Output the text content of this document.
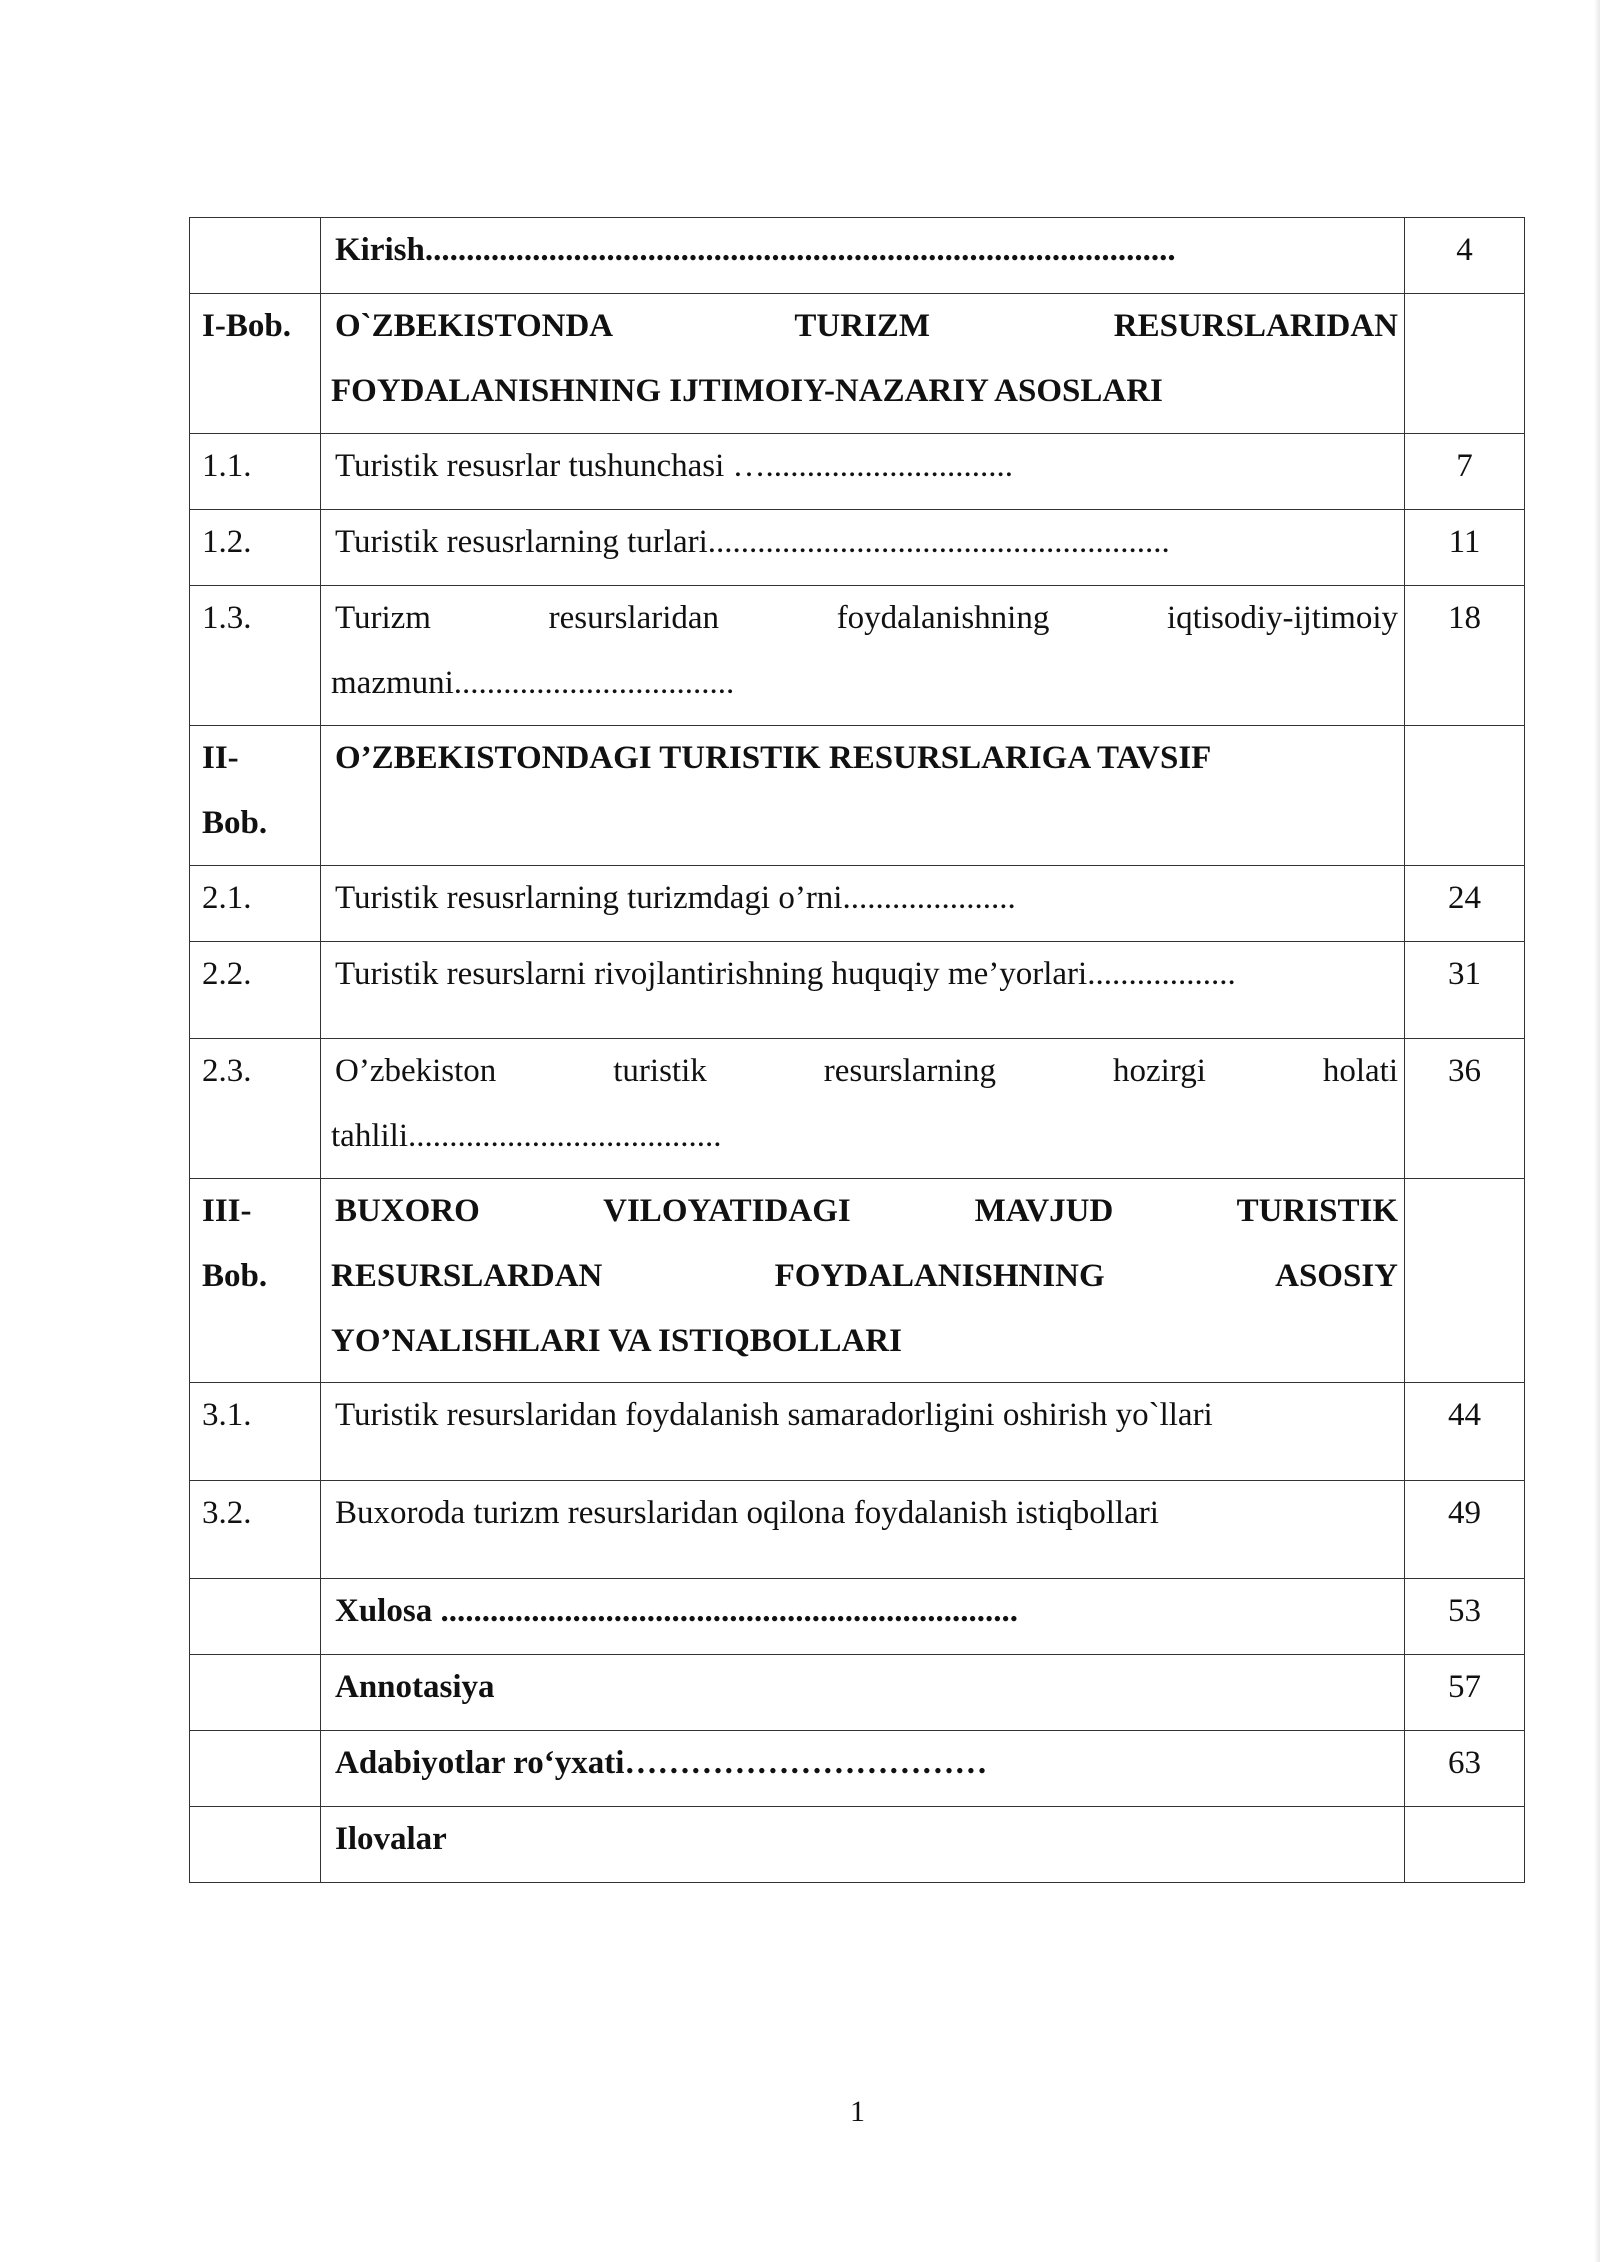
	Kirish...........................................................................................	4
I-Bob.	O`ZBEKISTONDA TURIZM RESURSLARIDAN
FOYDALANISHNING IJTIMOIY-NAZARIY ASOSLARI	

1.1.	Turistik resusrlar tushunchasi …..............................	7
1.2.	Turistik resusrlarning turlari........................................................	11
1.3.	Turizm resurslaridan foydalanishning iqtisodiy-ijtimoiy
mazmuni..................................	18
II-
Bob.	O’ZBEKISTONDAGI TURISTIK RESURSLARIGA TAVSIF	

2.1.	Turistik resusrlarning turizmdagi o’rni.....................	24
2.2.	Turistik resurslarni rivojlantirishning huquqiy me’yorlari..................	31
2.3.	O’zbekiston turistik resurslarning hozirgi holati
tahlili......................................	36
III-
Bob.	BUXORO VILOYATIDAGI MAVJUD TURISTIK
RESURSLARDAN FOYDALANISHNING ASOSIY
YO’NALISHLARI VA ISTIQBOLLARI	

3.1.	Turistik resurslaridan foydalanish samaradorligini oshirish yo`llari	44
3.2.	Buxoroda turizm resurslaridan oqilona foydalanish istiqbollari	49

	Xulosa ......................................................................	53

	Annotasiya	57

	Adabiyotlar ro‘yxati……………………………	63

	Ilovalar	

1
